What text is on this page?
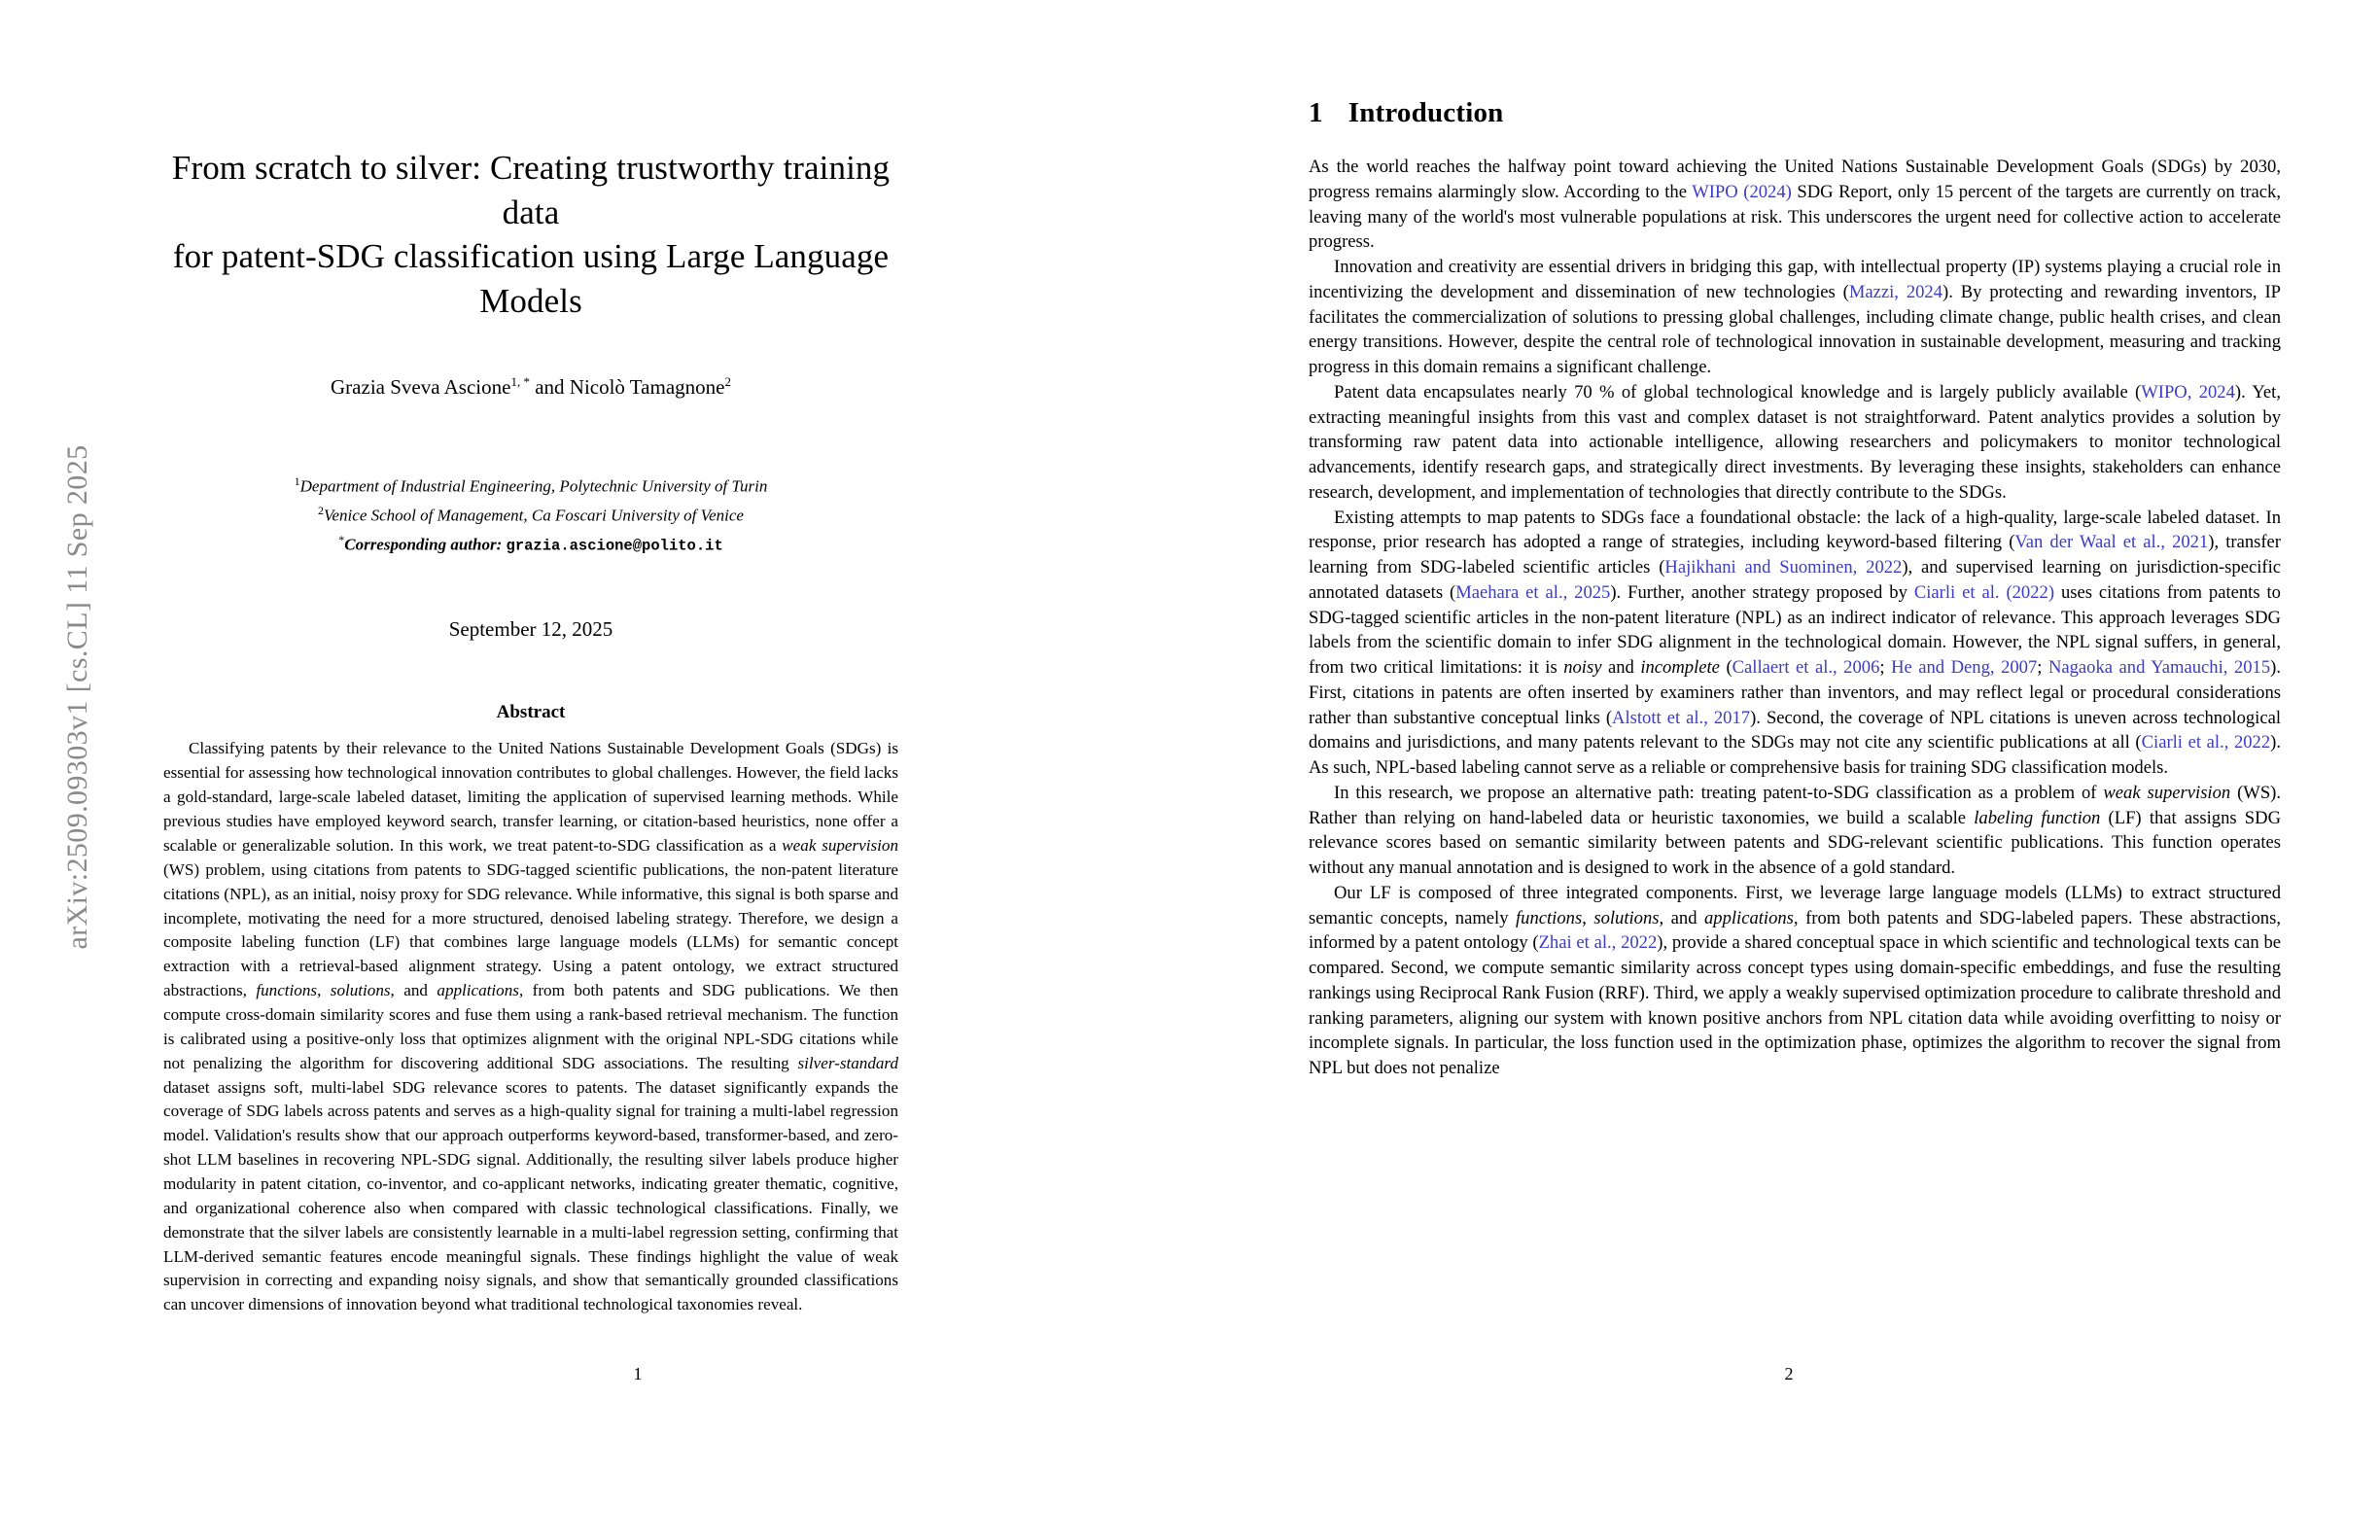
arXiv:2509.09303v1 [cs.CL] 11 Sep 2025
From scratch to silver: Creating trustworthy training data
for patent-SDG classification using Large Language Models
Grazia Sveva Ascione$^{1, *}$ and Nicolò Tamagnone$^2$
$^1$Department of Industrial Engineering, Polytechnic University of Turin
$^2$Venice School of Management, Ca Foscari University of Venice
*Corresponding author: grazia.ascione@polito.it
September 12, 2025
Abstract
Classifying patents by their relevance to the United Nations Sustainable Development Goals (SDGs) is essential for assessing how technological innovation contributes to global challenges. However, the field lacks a gold-standard, large-scale labeled dataset, limiting the application of supervised learning methods. While previous studies have employed keyword search, transfer learning, or citation-based heuristics, none offer a scalable or generalizable solution. In this work, we treat patent-to-SDG classification as a weak supervision (WS) problem, using citations from patents to SDG-tagged scientific publications, the non-patent literature citations (NPL), as an initial, noisy proxy for SDG relevance. While informative, this signal is both sparse and incomplete, motivating the need for a more structured, denoised labeling strategy. Therefore, we design a composite labeling function (LF) that combines large language models (LLMs) for semantic concept extraction with a retrieval-based alignment strategy. Using a patent ontology, we extract structured abstractions, functions, solutions, and applications, from both patents and SDG publications. We then compute cross-domain similarity scores and fuse them using a rank-based retrieval mechanism. The function is calibrated using a positive-only loss that optimizes alignment with the original NPL-SDG citations while not penalizing the algorithm for discovering additional SDG associations. The resulting silver-standard dataset assigns soft, multi-label SDG relevance scores to patents. The dataset significantly expands the coverage of SDG labels across patents and serves as a high-quality signal for training a multi-label regression model. Validation's results show that our approach outperforms keyword-based, transformer-based, and zero-shot LLM baselines in recovering NPL-SDG signal. Additionally, the resulting silver labels produce higher modularity in patent citation, co-inventor, and co-applicant networks, indicating greater thematic, cognitive, and organizational coherence also when compared with classic technological classifications. Finally, we demonstrate that the silver labels are consistently learnable in a multi-label regression setting, confirming that LLM-derived semantic features encode meaningful signals. These findings highlight the value of weak supervision in correcting and expanding noisy signals, and show that semantically grounded classifications can uncover dimensions of innovation beyond what traditional technological taxonomies reveal.
1
1 Introduction

As the world reaches the halfway point toward achieving the United Nations Sustainable Development Goals (SDGs) by 2030, progress remains alarmingly slow. According to the WIPO (2024) SDG Report, only 15 percent of the targets are currently on track, leaving many of the world's most vulnerable populations at risk. This underscores the urgent need for collective action to accelerate progress.

Innovation and creativity are essential drivers in bridging this gap, with intellectual property (IP) systems playing a crucial role in incentivizing the development and dissemination of new technologies (Mazzi, 2024). By protecting and rewarding inventors, IP facilitates the commercialization of solutions to pressing global challenges, including climate change, public health crises, and clean energy transitions. However, despite the central role of technological innovation in sustainable development, measuring and tracking progress in this domain remains a significant challenge.

Patent data encapsulates nearly 70 % of global technological knowledge and is largely publicly available (WIPO, 2024). Yet, extracting meaningful insights from this vast and complex dataset is not straightforward. Patent analytics provides a solution by transforming raw patent data into actionable intelligence, allowing researchers and policymakers to monitor technological advancements, identify research gaps, and strategically direct investments. By leveraging these insights, stakeholders can enhance research, development, and implementation of technologies that directly contribute to the SDGs.

Existing attempts to map patents to SDGs face a foundational obstacle: the lack of a high-quality, large-scale labeled dataset. In response, prior research has adopted a range of strategies, including keyword-based filtering (Van der Waal et al., 2021), transfer learning from SDG-labeled scientific articles (Hajikhani and Suominen, 2022), and supervised learning on jurisdiction-specific annotated datasets (Maehara et al., 2025). Further, another strategy proposed by Ciarli et al. (2022) uses citations from patents to SDG-tagged scientific articles in the non-patent literature (NPL) as an indirect indicator of relevance. This approach leverages SDG labels from the scientific domain to infer SDG alignment in the technological domain. However, the NPL signal suffers, in general, from two critical limitations: it is noisy and incomplete (Callaert et al., 2006; He and Deng, 2007; Nagaoka and Yamauchi, 2015). First, citations in patents are often inserted by examiners rather than inventors, and may reflect legal or procedural considerations rather than substantive conceptual links (Alstott et al., 2017). Second, the coverage of NPL citations is uneven across technological domains and jurisdictions, and many patents relevant to the SDGs may not cite any scientific publications at all (Ciarli et al., 2022). As such, NPL-based labeling cannot serve as a reliable or comprehensive basis for training SDG classification models.

In this research, we propose an alternative path: treating patent-to-SDG classification as a problem of weak supervision (WS). Rather than relying on hand-labeled data or heuristic taxonomies, we build a scalable labeling function (LF) that assigns SDG relevance scores based on semantic similarity between patents and SDG-relevant scientific publications. This function operates without any manual annotation and is designed to work in the absence of a gold standard.

Our LF is composed of three integrated components. First, we leverage large language models (LLMs) to extract structured semantic concepts, namely functions, solutions, and applications, from both patents and SDG-labeled papers. These abstractions, informed by a patent ontology (Zhai et al., 2022), provide a shared conceptual space in which scientific and technological texts can be compared. Second, we compute semantic similarity across concept types using domain-specific embeddings, and fuse the resulting rankings using Reciprocal Rank Fusion (RRF). Third, we apply a weakly supervised optimization procedure to calibrate threshold and ranking parameters, aligning our system with known positive anchors from NPL citation data while avoiding overfitting to noisy or incomplete signals. In particular, the loss function used in the optimization phase, optimizes the algorithm to recover the signal from NPL but does not penalize

2
